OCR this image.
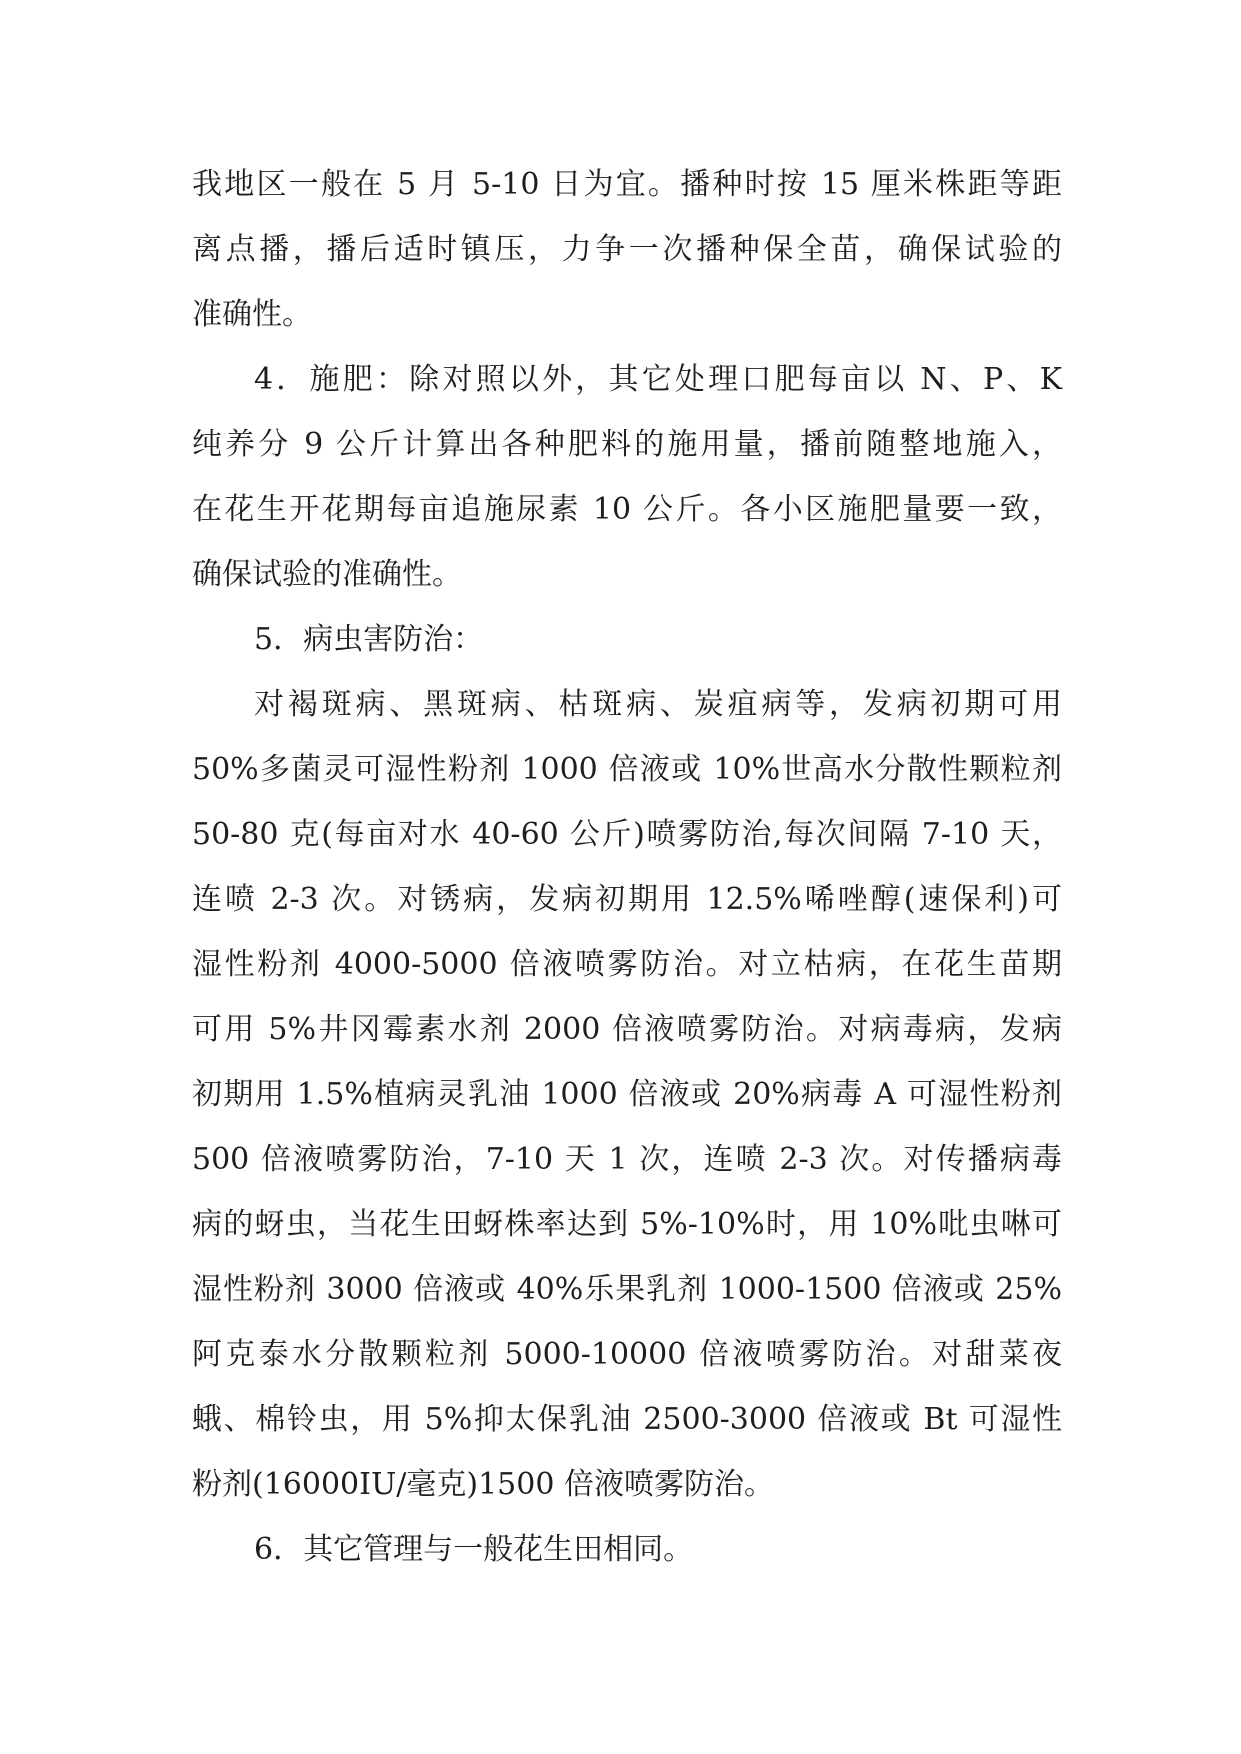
我地区一般在 5 月 5-10 日为宜。播种时按 15 厘米株距等距
离点播，播后适时镇压，力争一次播种保全苗，确保试验的
准确性。
4．施肥：除对照以外，其它处理口肥每亩以 N、P、K
纯养分 9 公斤计算出各种肥料的施用量，播前随整地施入，
在花生开花期每亩追施尿素 10 公斤。各小区施肥量要一致，
确保试验的准确性。
5．病虫害防治：
对褐斑病、黑斑病、枯斑病、炭疽病等，发病初期可用
50%多菌灵可湿性粉剂 1000 倍液或 10%世高水分散性颗粒剂
50-80 克(每亩对水 40-60 公斤)喷雾防治,每次间隔 7-10 天，
连喷 2-3 次。对锈病，发病初期用 12.5%唏唑醇(速保利)可
湿性粉剂 4000-5000 倍液喷雾防治。对立枯病，在花生苗期
可用 5%井冈霉素水剂 2000 倍液喷雾防治。对病毒病，发病
初期用 1.5%植病灵乳油 1000 倍液或 20%病毒 A 可湿性粉剂
500 倍液喷雾防治，7-10 天 1 次，连喷 2-3 次。对传播病毒
病的蚜虫，当花生田蚜株率达到 5%-10%时，用 10%吡虫啉可
湿性粉剂 3000 倍液或 40%乐果乳剂 1000-1500 倍液或 25%
阿克泰水分散颗粒剂 5000-10000 倍液喷雾防治。对甜菜夜
蛾、棉铃虫，用 5%抑太保乳油 2500-3000 倍液或 Bt 可湿性
粉剂(16000IU/毫克)1500 倍液喷雾防治。
6．其它管理与一般花生田相同。
